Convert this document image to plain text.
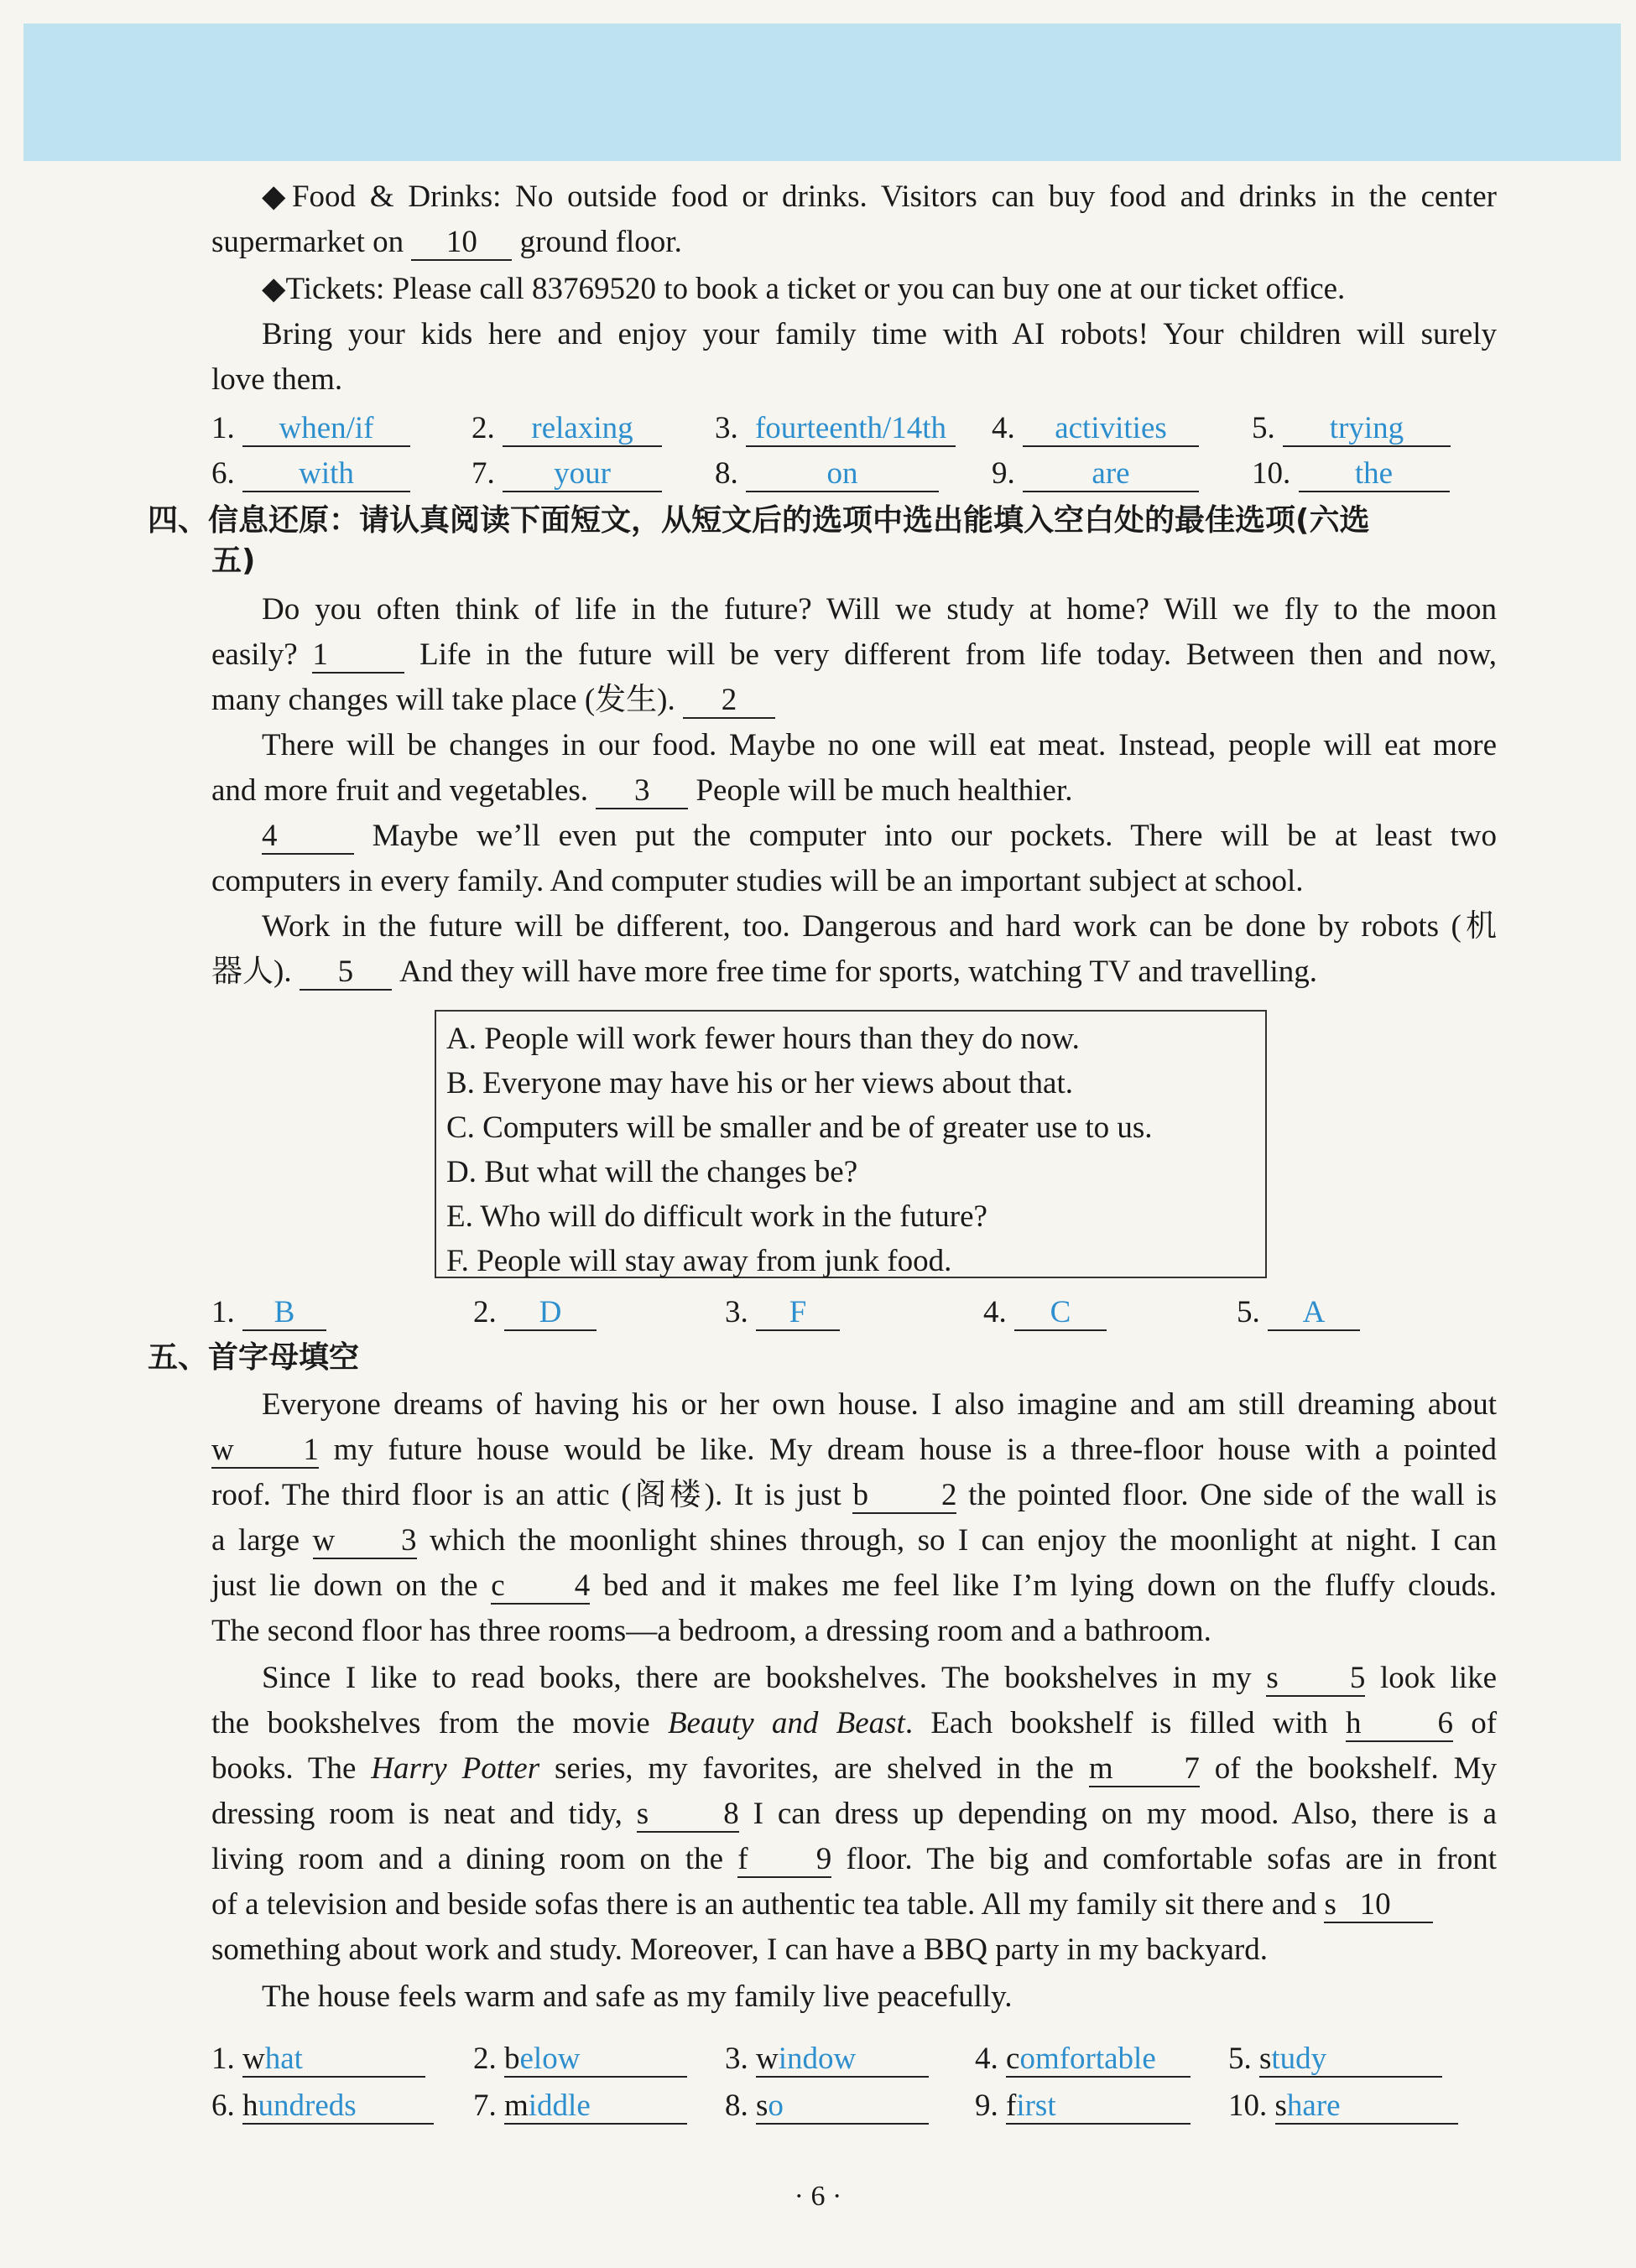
◆Food & Drinks: No outside food or drinks. Visitors can buy food and drinks in the center
supermarket on 10 ground floor.
◆Tickets: Please call 83769520 to book a ticket or you can buy one at our ticket office.
Bring your kids here and enjoy your family time with AI robots! Your children will surely
love them.
1. when/if	2. relaxing	3. fourteenth/14th 4. activities	5. trying
6. with	7. your	8.	on	9. are	10. the
四、信息还原：请认真阅读下面短文，从短文后的选项中选出能填入空白处的最佳选项(六选
五)
Do you often think of life in the future? Will we study at home? Will we fly to the moon
easily? 1	Life in the future will be very different from life today. Between then and now,
many changes will take place (发生). 2
There will be changes in our food. Maybe no one will eat meat. Instead, people will eat more
and more fruit and vegetables. 3 People will be much healthier.
4	Maybe we’ll even put the computer into our pockets. There will be at least two
computers in every family. And computer studies will be an important subject at school.
Work in the future will be different, too. Dangerous and hard work can be done by robots (机
器人). 5 And they will have more free time for sports, watching TV and travelling.
A. People will work fewer hours than they do now.
B. Everyone may have his or her views about that.
C. Computers will be smaller and be of greater use to us.
D. But what will the changes be?
E. Who will do difficult work in the future?
F. People will stay away from junk food.
1. B	2. D	3. F	4. C	5. A
五、首字母填空
Everyone dreams of having his or her own house. I also imagine and am still dreaming about
w 1 my future house would be like. My dream house is a three-floor house with a pointed
roof. The third floor is an attic (阁楼). It is just b 2 the pointed floor. One side of the wall is
a large w 3 which the moonlight shines through, so I can enjoy the moonlight at night. I can
just lie down on the c 4 bed and it makes me feel like I’m lying down on the fluffy clouds.
The second floor has three rooms—a bedroom, a dressing room and a bathroom.
Since I like to read books, there are bookshelves. The bookshelves in my s 5 look like
the bookshelves from the movie Beauty and Beast. Each bookshelf is filled with h 6 of
books. The Harry Potter series, my favorites, are shelved in the m 7 of the bookshelf. My
dressing room is neat and tidy, s 8 I can dress up depending on my mood. Also, there is a
living room and a dining room on the f 9 floor. The big and comfortable sofas are in front
of a television and beside sofas there is an authentic tea table. All my family sit there and s 10
something about work and study. Moreover, I can have a BBQ party in my backyard.
The house feels warm and safe as my family live peacefully.
1. what	2. below	3. window	4. comfortable	5. study
6. hundreds	7. middle	8. so	9. first	10. share
· 6 ·
